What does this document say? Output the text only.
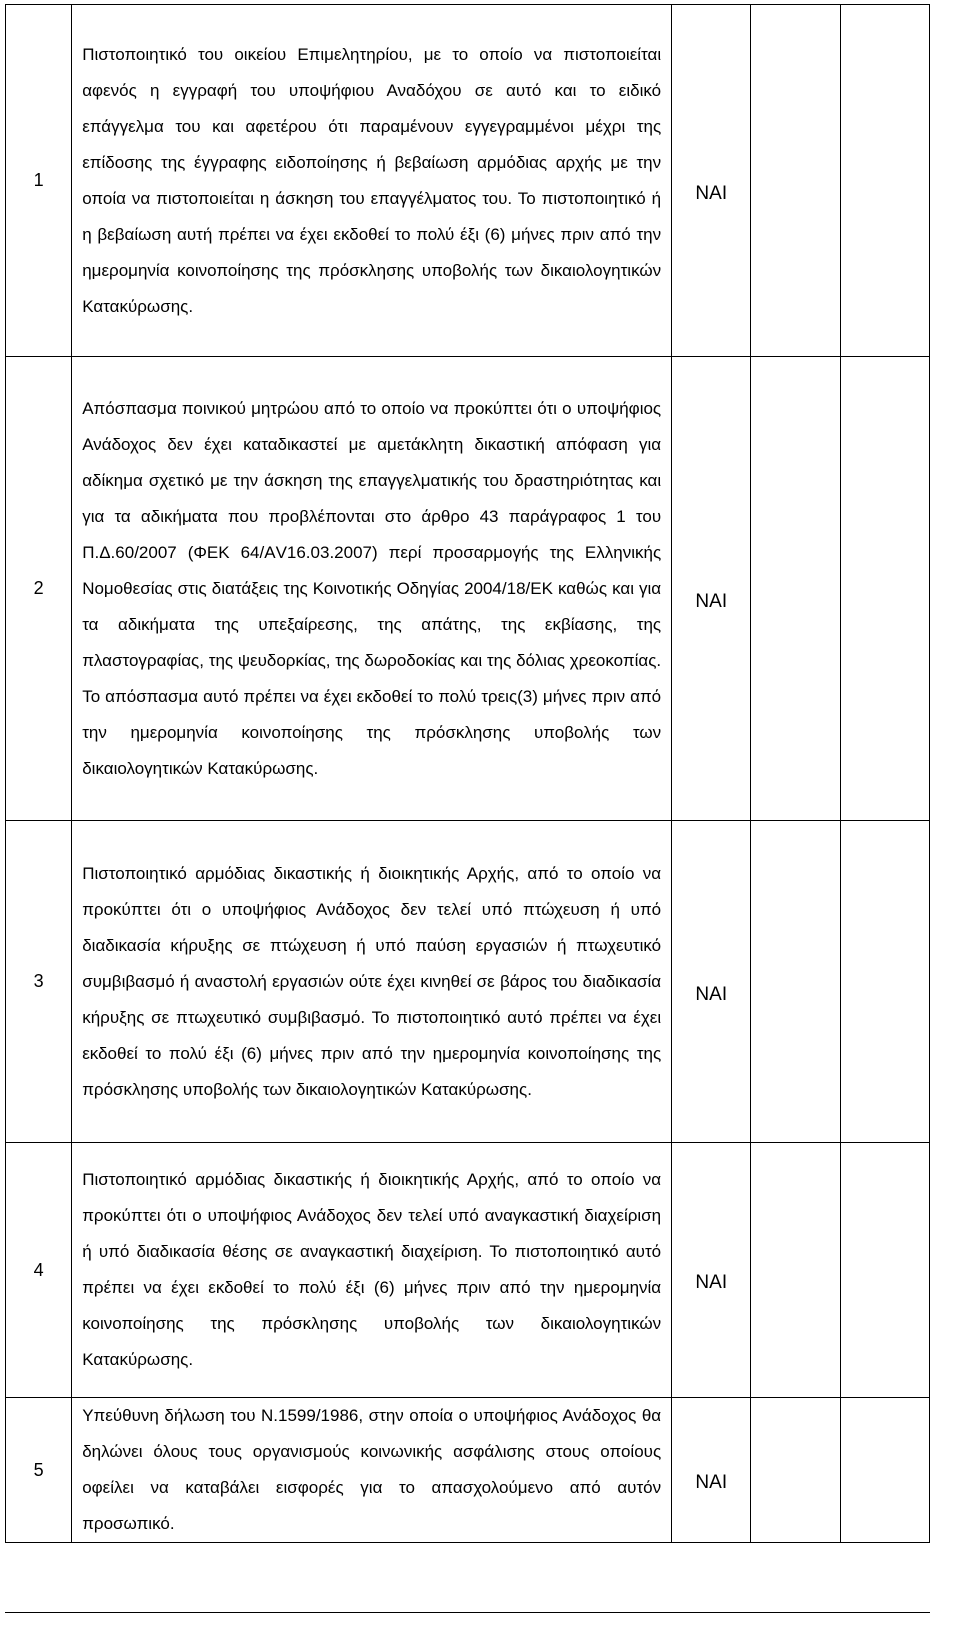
1	Πιστοποιητικό του οικείου Επιμελητηρίου, με το οποίο να πιστοποιείται αφενός η εγγραφή του υποψήφιου Αναδόχου σε αυτό και το ειδικό επάγγελμα του και αφετέρου ότι παραμένουν εγγεγραμμένοι μέχρι της επίδοσης της έγγραφης ειδοποίησης ή βεβαίωση αρμόδιας αρχής με την οποία να πιστοποιείται η άσκηση του επαγγέλματος του. Το πιστοποιητικό ή η βεβαίωση αυτή πρέπει να έχει εκδοθεί το πολύ έξι (6) μήνες πριν από την ημερομηνία κοινοποίησης της πρόσκλησης υποβολής των δικαιολογητικών Κατακύρωσης.	ΝΑΙ		

2	Απόσπασμα ποινικού μητρώου από το οποίο να προκύπτει ότι ο υποψήφιος Ανάδοχος δεν έχει καταδικαστεί με αμετάκλητη δικαστική απόφαση για αδίκημα σχετικό με την άσκηση της επαγγελματικής του δραστηριότητας και για τα αδικήματα που προβλέπονται στο άρθρο 43 παράγραφος 1 του Π.Δ.60/2007 (ΦΕΚ 64/ΑV16.03.2007) περί προσαρμογής της Ελληνικής Νομοθεσίας στις διατάξεις της Κοινοτικής Οδηγίας 2004/18/ΕΚ καθώς και για τα αδικήματα της υπεξαίρεσης, της απάτης, της εκβίασης, της πλαστογραφίας, της ψευδορκίας, της δωροδοκίας και της δόλιας χρεοκοπίας. Το απόσπασμα αυτό πρέπει να έχει εκδοθεί το πολύ τρεις(3) μήνες πριν από την ημερομηνία κοινοποίησης της πρόσκλησης υποβολής των δικαιολογητικών Κατακύρωσης.	ΝΑΙ		

3	Πιστοποιητικό αρμόδιας δικαστικής ή διοικητικής Αρχής, από το οποίο να προκύπτει ότι ο υποψήφιος Ανάδοχος δεν τελεί υπό πτώχευση ή υπό διαδικασία κήρυξης σε πτώχευση ή υπό παύση εργασιών ή πτωχευτικό συμβιβασμό ή αναστολή εργασιών ούτε έχει κινηθεί σε βάρος του διαδικασία κήρυξης σε πτωχευτικό συμβιβασμό. Το πιστοποιητικό αυτό πρέπει να έχει εκδοθεί το πολύ έξι (6) μήνες πριν από την ημερομηνία κοινοποίησης της πρόσκλησης υποβολής των δικαιολογητικών Κατακύρωσης.	ΝΑΙ		

4	Πιστοποιητικό αρμόδιας δικαστικής ή διοικητικής Αρχής, από το οποίο να προκύπτει ότι ο υποψήφιος Ανάδοχος δεν τελεί υπό αναγκαστική διαχείριση ή υπό διαδικασία θέσης σε αναγκαστική διαχείριση. Το πιστοποιητικό αυτό πρέπει να έχει εκδοθεί το πολύ έξι (6) μήνες πριν από την ημερομηνία κοινοποίησης της πρόσκλησης υποβολής των δικαιολογητικών Κατακύρωσης.	ΝΑΙ		

5	Υπεύθυνη δήλωση του Ν.1599/1986, στην οποία ο υποψήφιος Ανάδοχος θα δηλώνει όλους τους οργανισμούς κοινωνικής ασφάλισης στους οποίους οφείλει να καταβάλει εισφορές για το απασχολούμενο από αυτόν προσωπικό.	ΝΑΙ		
